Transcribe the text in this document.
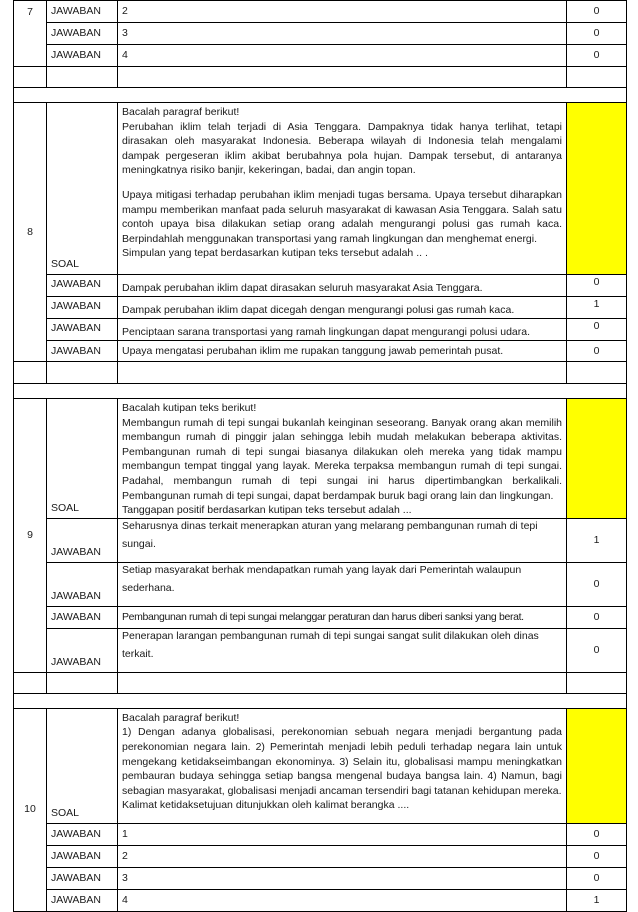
7	JAWABAN	2	0
	JAWABAN	3	0
	JAWABAN	4	0

8	SOAL	Bacalah paragraf berikut!

Perubahan iklim telah terjadi di Asia Tenggara. Dampaknya tidak hanya terlihat, tetapi dirasakan oleh masyarakat Indonesia. Beberapa wilayah di Indonesia telah mengalami dampak pergeseran iklim akibat berubahnya pola hujan. Dampak tersebut, di antaranya meningkatnya risiko banjir, kekeringan, badai, dan angin topan.

Upaya mitigasi terhadap perubahan iklim menjadi tugas bersama. Upaya tersebut diharapkan mampu memberikan manfaat pada seluruh masyarakat di kawasan Asia Tenggara. Salah satu contoh upaya bisa dilakukan setiap orang adalah mengurangi polusi gas rumah kaca. Berpindahlah menggunakan transportasi yang ramah lingkungan dan menghemat energi.

Simpulan yang tepat berdasarkan kutipan teks tersebut adalah .. .	

	JAWABAN	Dampak perubahan iklim dapat dirasakan seluruh masyarakat Asia Tenggara.	0
	JAWABAN	Dampak perubahan iklim dapat dicegah dengan mengurangi polusi gas rumah kaca.	1
	JAWABAN	Penciptaan sarana transportasi yang ramah lingkungan dapat mengurangi polusi udara.	0
	JAWABAN	Upaya mengatasi perubahan iklim me rupakan tanggung jawab pemerintah pusat.	0

9	SOAL	Bacalah kutipan teks berikut!

Membangun rumah di tepi sungai bukanlah keinginan seseorang. Banyak orang akan memilih membangun rumah di pinggir jalan sehingga lebih mudah melakukan beberapa aktivitas. Pembangunan rumah di tepi sungai biasanya dilakukan oleh mereka yang tidak mampu membangun tempat tinggal yang layak. Mereka terpaksa membangun rumah di tepi sungai. Padahal, membangun rumah di tepi sungai ini harus dipertimbangkan berkalikali. Pembangunan rumah di tepi sungai, dapat berdampak buruk bagi orang lain dan lingkungan.

Tanggapan positif berdasarkan kutipan teks tersebut adalah ...	

	JAWABAN	Seharusnya dinas terkait menerapkan aturan yang melarang pembangunan rumah di tepi
sungai.	1
	JAWABAN	Setiap masyarakat berhak mendapatkan rumah yang layak dari Pemerintah walaupun
sederhana.	0
	JAWABAN	Pembangunan rumah di tepi sungai melanggar peraturan dan harus diberi sanksi yang berat.	0
	JAWABAN	Penerapan larangan pembangunan rumah di tepi sungai sangat sulit dilakukan oleh dinas
terkait.	0

10	SOAL	Bacalah paragraf berikut!

1) Dengan adanya globalisasi, perekonomian sebuah negara menjadi bergantung pada perekonomian negara lain. 2) Pemerintah menjadi lebih peduli terhadap negara lain untuk mengekang ketidakseimbangan ekonominya. 3) Selain itu, globalisasi mampu meningkatkan pembauran budaya sehingga setiap bangsa mengenal budaya bangsa lain. 4) Namun, bagi sebagian masyarakat, globalisasi menjadi ancaman tersendiri bagi tatanan kehidupan mereka.

Kalimat ketidaksetujuan ditunjukkan oleh kalimat berangka ....	

	JAWABAN	1	0
	JAWABAN	2	0
	JAWABAN	3	0
	JAWABAN	4	1
